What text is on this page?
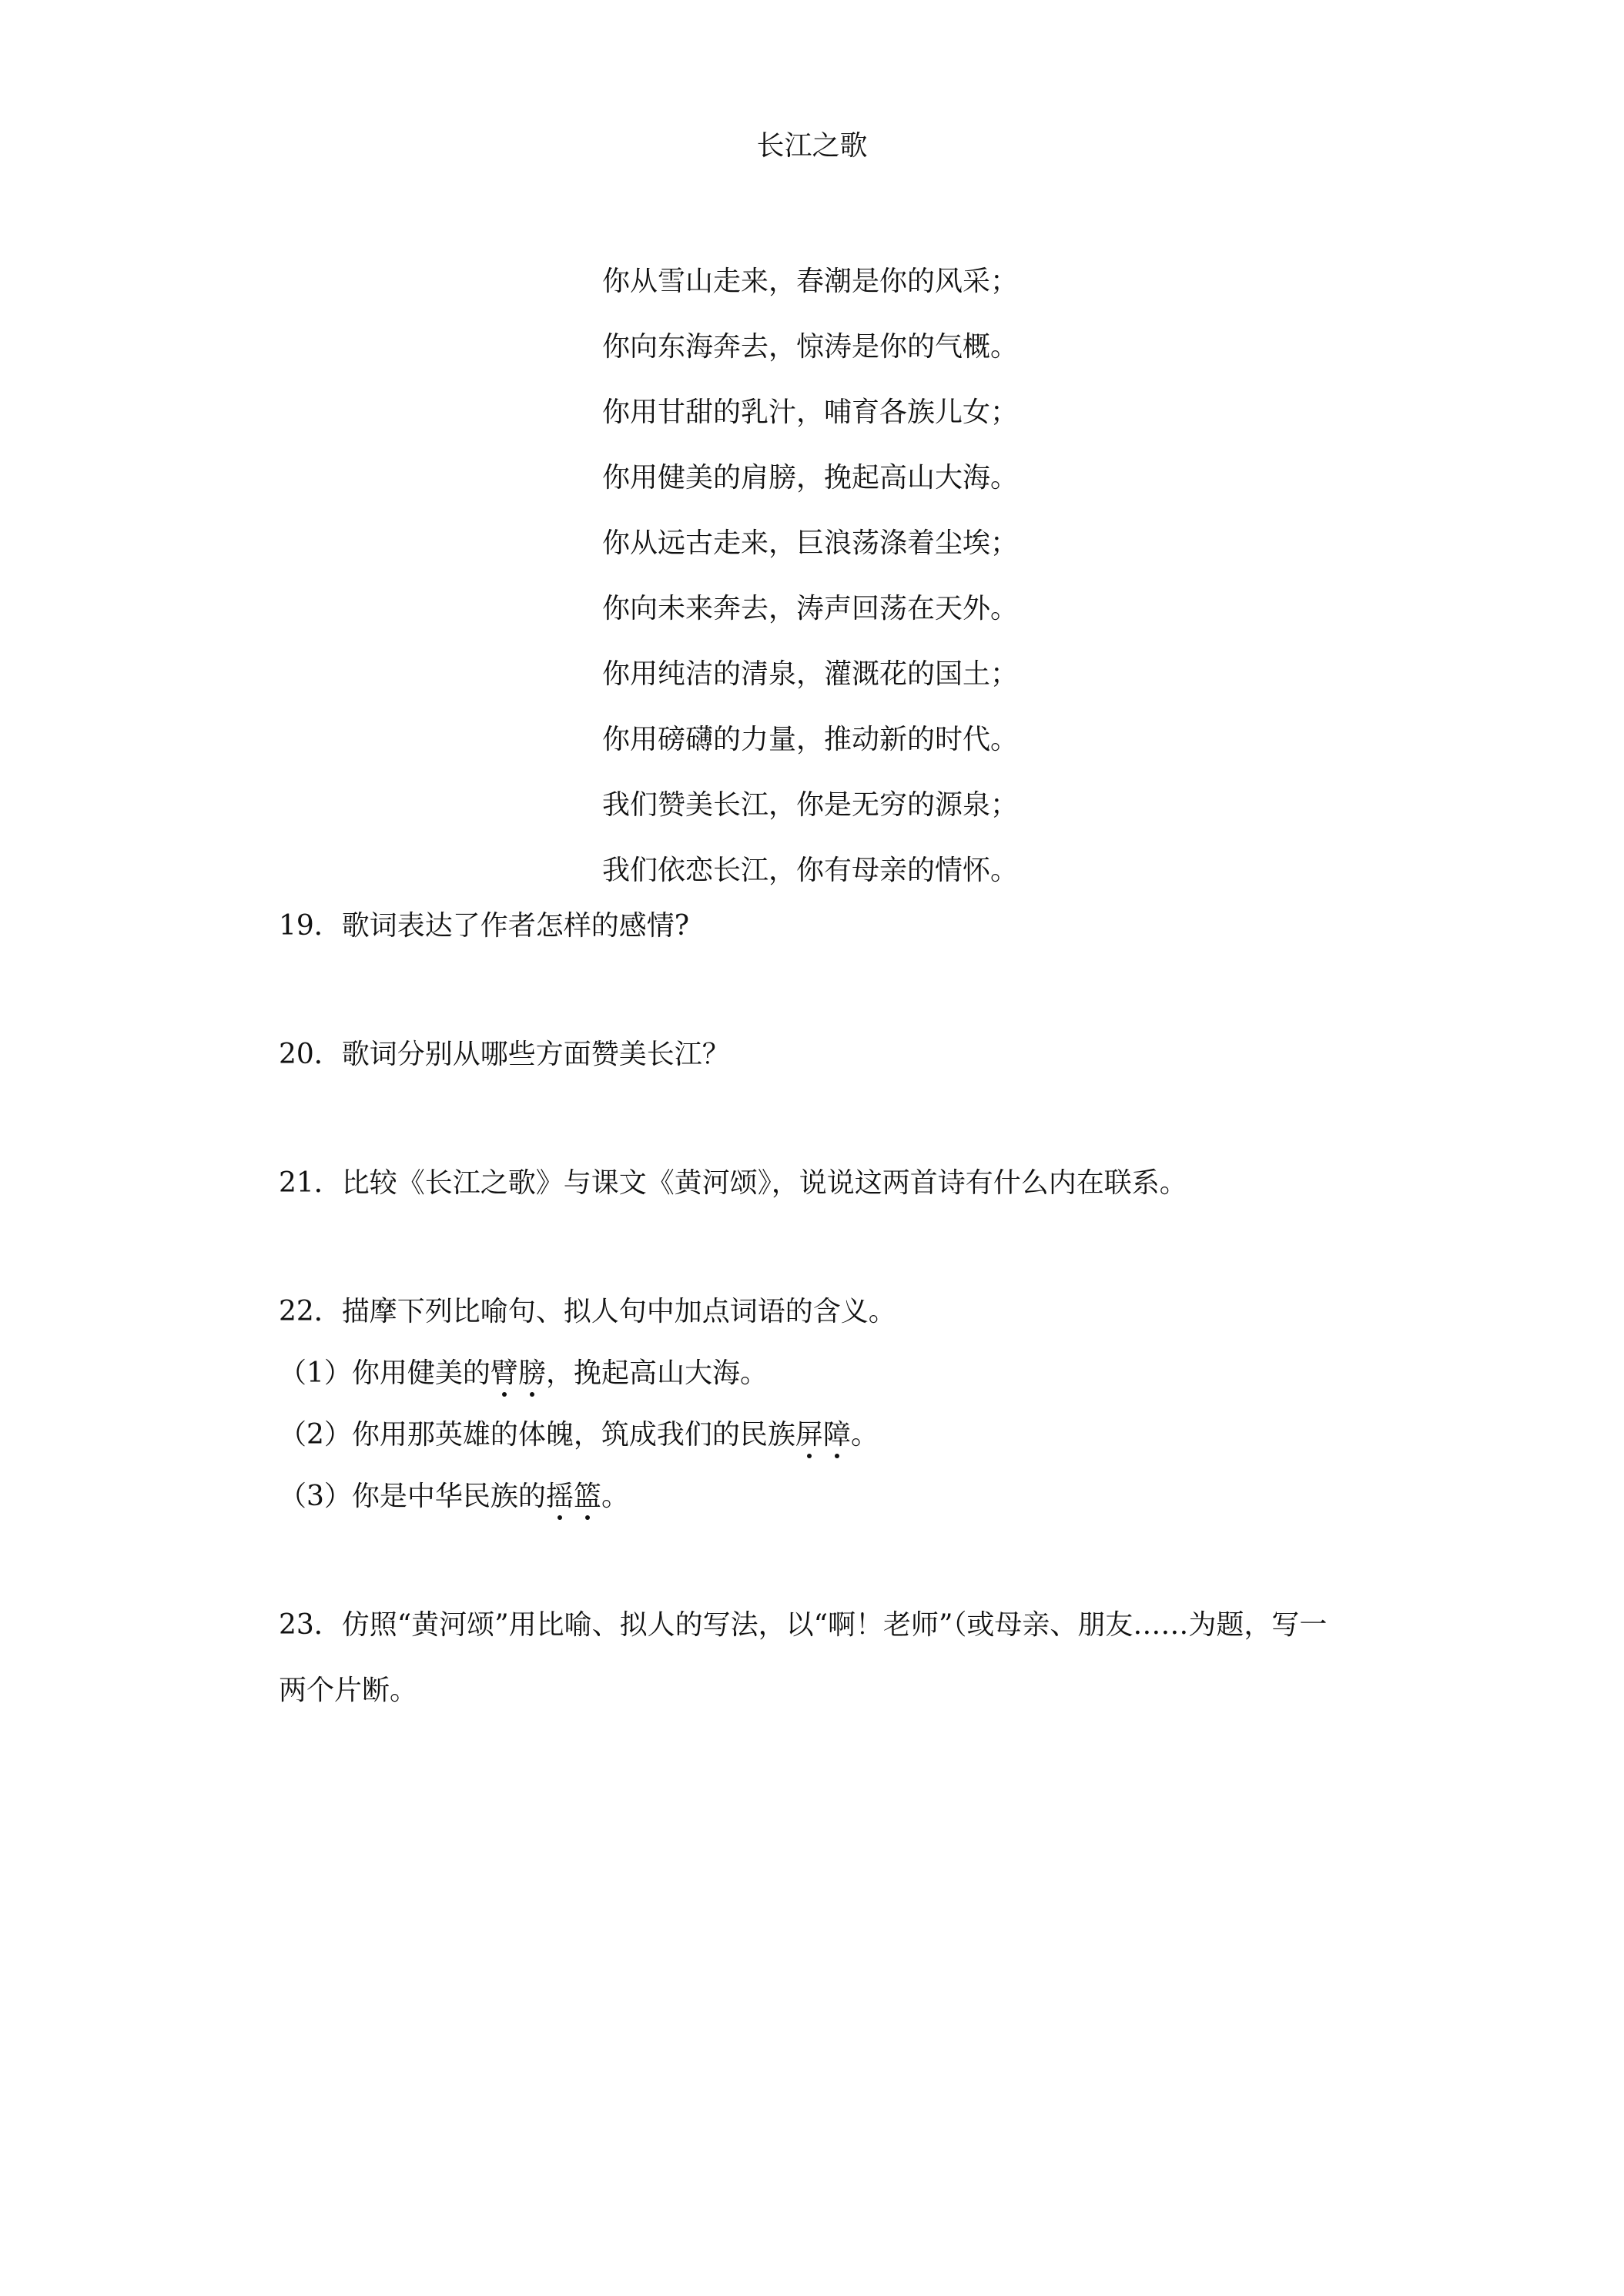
长江之歌
你从雪山走来，春潮是你的风采；
你向东海奔去，惊涛是你的气概。
你用甘甜的乳汁，哺育各族儿女；
你用健美的肩膀，挽起高山大海。
你从远古走来，巨浪荡涤着尘埃；
你向未来奔去，涛声回荡在天外。
你用纯洁的清泉，灌溉花的国土；
你用磅礴的力量，推动新的时代。
我们赞美长江，你是无穷的源泉；
我们依恋长江，你有母亲的情怀。
19．歌词表达了作者怎样的感情?
20．歌词分别从哪些方面赞美长江？
21．比较《长江之歌》与课文《黄河颂》，说说这两首诗有什么内在联系。
22．描摩下列比喻句、拟人句中加点词语的含义。
（1）你用健美的臂膀，挽起高山大海。
（2）你用那英雄的体魄，筑成我们的民族屏障。
（3）你是中华民族的摇篮。
23．仿照“黄河颂”用比喻、拟人的写法，以“啊！老师”（或母亲、朋友……为题，写一
两个片断。
